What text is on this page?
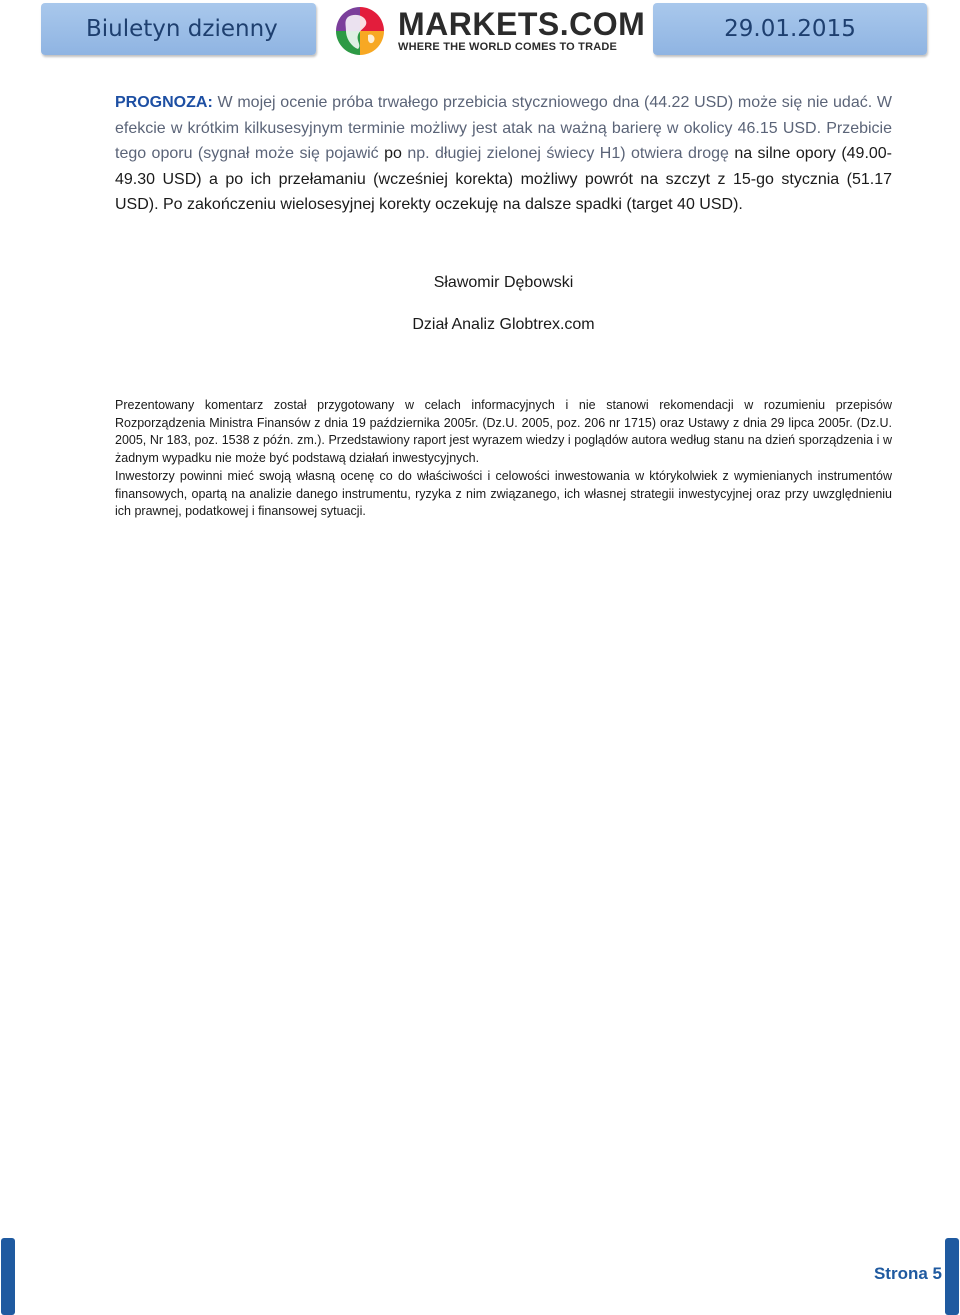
Biuletyn dzienny	MARKETS.COM
WHERE THE WORLD COMES TO TRADE
29.01.2015

PROGNOZA: W mojej ocenie próba trwałego przebicia styczniowego dna (44.22 USD) może się nie udać. W efekcie w krótkim kilkusesyjnym terminie możliwy jest atak na ważną barierę w okolicy 46.15 USD. Przebicie tego oporu (sygnał może się pojawić po np. długiej zielonej świecy H1) otwiera drogę na silne opory (49.00-49.30 USD) a po ich przełamaniu (wcześniej korekta) możliwy powrót na szczyt z 15-go stycznia (51.17 USD). Po zakończeniu wielosesyjnej korekty oczekuję na dalsze spadki (target 40 USD).

Sławomir Dębowski

Dział Analiz Globtrex.com

Prezentowany komentarz został przygotowany w celach informacyjnych i nie stanowi rekomendacji w rozumieniu przepisów Rozporządzenia Ministra Finansów z dnia 19 października 2005r. (Dz.U. 2005, poz. 206 nr 1715) oraz Ustawy z dnia 29 lipca 2005r. (Dz.U. 2005, Nr 183, poz. 1538 z późn. zm.). Przedstawiony raport jest wyrazem wiedzy i poglądów autora według stanu na dzień sporządzenia i w żadnym wypadku nie może być podstawą działań inwestycyjnych.

Inwestorzy powinni mieć swoją własną ocenę co do właściwości i celowości inwestowania w którykolwiek z wymienianych instrumentów finansowych, opartą na analizie danego instrumentu, ryzyka z nim związanego, ich własnej strategii inwestycyjnej oraz przy uwzględnieniu ich prawnej, podatkowej i finansowej sytuacji.

Strona 5
